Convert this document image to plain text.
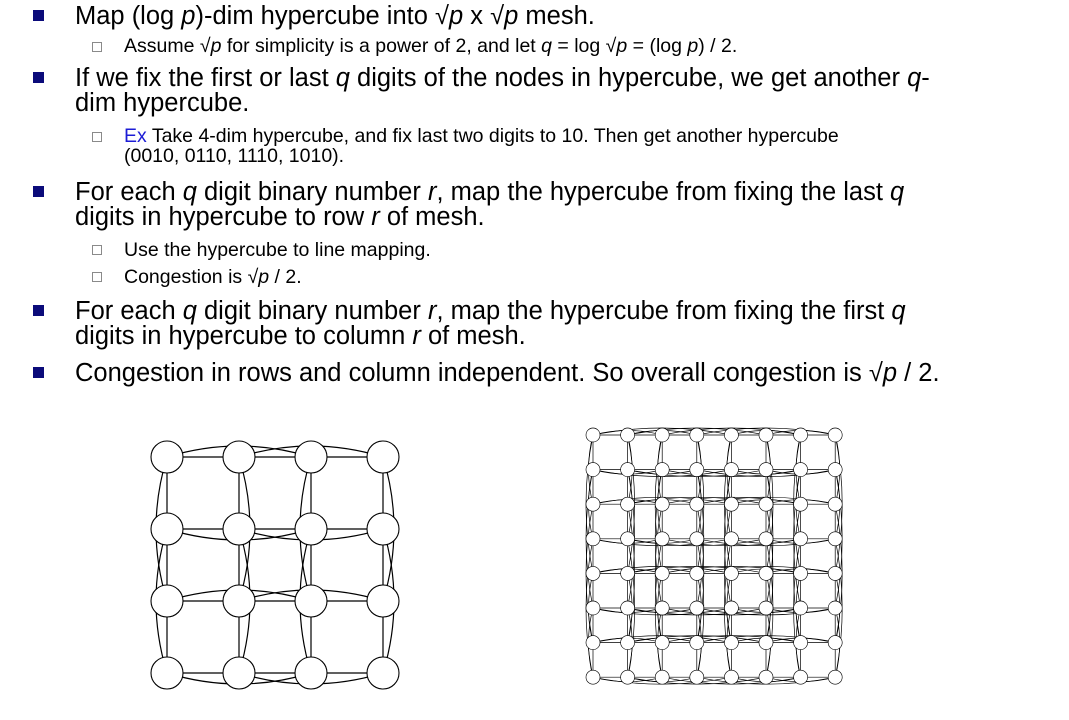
Map (log p)-dim hypercube into √p x √p mesh.
Assume √p for simplicity is a power of 2, and let q = log √p = (log p) / 2.
If we fix the first or last q digits of the nodes in hypercube, we get another q-
dim hypercube.
Ex Take 4-dim hypercube, and fix last two digits to 10. Then get another hypercube
(0010, 0110, 1110, 1010).
For each q digit binary number r, map the hypercube from fixing the last q
digits in hypercube to row r of mesh.
Use the hypercube to line mapping.
Congestion is √p / 2.
For each q digit binary number r, map the hypercube from fixing the first q
digits in hypercube to column r of mesh.
Congestion in rows and column independent. So overall congestion is √p / 2.
